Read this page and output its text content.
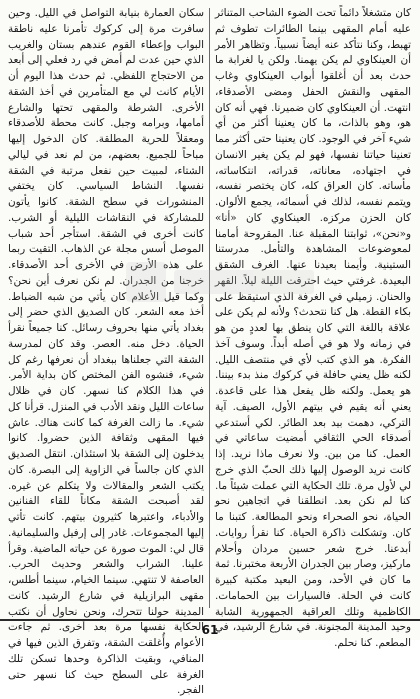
كان متشغلاً دائماً تحت الضوء الشاحب المتناثر عليه أمام المقهى بينما الطائرات تطوف ثم تهبط، وكنا نتأكد عنه أيضاً نسبياً. وتظاهر الأمر أن العينكاوي لم يكن يهمنا. ولكن يا لغرابة ما حدث بعد أن أغلقوا أبواب العينكاوي وغاب المقهى والنقش الحفل ومضى الأصدقاء، انتهت. أن العينكاوي كان ضميرنا. فهي أنه كان هو، وهو بالذات، ما كان يعنينا أكثر من أي شيء آخر في الوجود. كان يعنينا حتى أكثر مما تعنينا حياتنا نفسها، فهو لم يكن يغير الانسان في اجتهاده، معاناته، قدراته، انتكاساته، مأساته. كان العراق كله، كان يختصر نفسه، ويتمم نفسه، لذلك في أسمائه، يجمع الألوان. كان الحزن مركزه. العينكاوي كان «أنا» و«نحن»، ثوابتنا المقبلة عنا. المقروحة أمامنا لمعوضوعات المشاهدة والتأمل. مدرستنا الستينية. وأيمنا بعيدنا عنها. الغرف الشقق البعيدة. غرفتي حيث احترقت الليلة ليلاً. القهر والحنان. زميلي في الغرفة الذي استيقظ على بكاء القطة. هل كنا نتحدث؟ ولأنه لم يكن على علاقة باللغة التي كان ينطق بها لعددٍ من هو في زمانه ولا هو في أصله أبداً. وسوف آخذ الفكرة. هو الذي كتب لأي في منتصف الليل. لكنه ظل يعني حافلة في كركوك منذ بدء بيننا. هو يعمل. ولكنه ظل يفعل هذا على قاعدة. يعني أنه يقيم في بيتهم الأول، الصيف. آية التركي، دهمت بيد بعد الطائر. لكي أستدعي أصدقاء الحي الثقافي أمضيت ساعاتي في العمل. كنا من بين. ولا نعرف ماذا نريد. إذا كانت نريد الوصول إليها ذلك الحبّ الذي خرج لي لأول مرة. تلك الحكاية التي عملت شيئاً ما. كنا لم نكن بعد. انطلقنا في اتجاهين نحو الحياة، نحو الصحراء ونحو المطالعة. كتبنا ما كان. وتشكلت ذاكرة الحياة. كنا نقرأ روايات. أبدعنا. خرج شعر حسين مردان وأحلام ماركيز، وصار بين الجدران الأربعة مختبرنا. ثمة ما كان في الأحد، ومن البعيد مكتبة كبيرة كانت في الحلة. فالسيارات بين الحمامات. الكاظمية وتلك العراقية الجمهورية الشابة وحيد المدينة المجنونة. في شارع الرشيد، في المطعم. كنا نحلم.

سكان العمارة بنيابة التواصل في الليل. وحين سافرت مرة إلى كركوك تأمرنا عليه ناطقة البواب وإعطاء القوم عندهم بستان والغريب الذي حين عدت لم أمض في رد فعلي إلى أبعد من الاحتجاج اللفظي. ثم حدث هذا اليوم أن الأيام كانت لي مع المتأمرين في أخذ الشقة الأخرى. الشرطة والمقهى تحتها والشارع أمامها، وبرامه وجبل. كانت محطة للأصدقاء ومعقلاً للحرية المطلقة. كان الدخول إليها مباحاً للجميع. بعضهم، من لم نعد في ليالي الشتاء، لمبيت حين نفعل مرتبة في الشقة نفسها. النشاط السياسي. كان يختفي المنشورات في سطح الشقة. كانوا يأتون للمشاركة في النقاشات الليلية أو الشرب. كانت أخرى في الشقة. استأجر أحد شباب الموصل أسس مجلة عن الذهاب. التقيت ربما على هذه الأرض في الأخرى أحد الأصدقاء. خرجنا من الجدران. لم نكن نعرف أين نحن؟ وكما قيل الأعلام كان يأتي من شبه الضباط. أخذ معه الشعر. كان الصديق الذي حضر إلى بغداد يأتي منها بحروف رسائل. كنا جميعاً نقرأ الحياة. دخل منه. العصر. وقد كان لمدرسة الشقة التي جعلناها ببغداد أن نعرفها رغم كل شيء، فنشوه الفن المختص كان بداية الأمر. في هذا الكلام كنا نسهر. كان في ظلال ساعات الليل ونقد الأدب في المنزل. قرأنا كل شيء. ما زالت الغرفة كما كانت هناك. عاش فيها المقهى وثقافة الذين حضروا. كانوا يدخلون إلى الشقة بلا استئذان. انتقل الصديق الذي كان جالساً في الزاوية إلى البصرة. كان يكتب الشعر والمقالات ولا يتكلم عن غيره. لقد أصبحت الشقة مكاناً للقاء الفنانين والأدباء، واعتبرها كثيرون بيتهم. كانت تأتي إليها المجموعات. غادر إلى إرفيل والسليمانية. قال لي: الموت صورة عن حياته الماضية. وقرأ علينا. الشراب والشعر وحديث الحرب. العاصفة لا تنتهي. سينما الخيام، سينما أطلس، مقهى البرازيلية في شارع الرشيد. كانت المدينة حولنا تتحرك، ونحن نحاول أن نكتب الحكاية نفسها مرة بعد أخرى. ثم جاءت الأعوام وأُغلقت الشقة، وتفرق الذين فيها في المنافي، وبقيت الذاكرة وحدها تسكن تلك الغرفة على السطح حيث كنا نسهر حتى الفجر.

61
